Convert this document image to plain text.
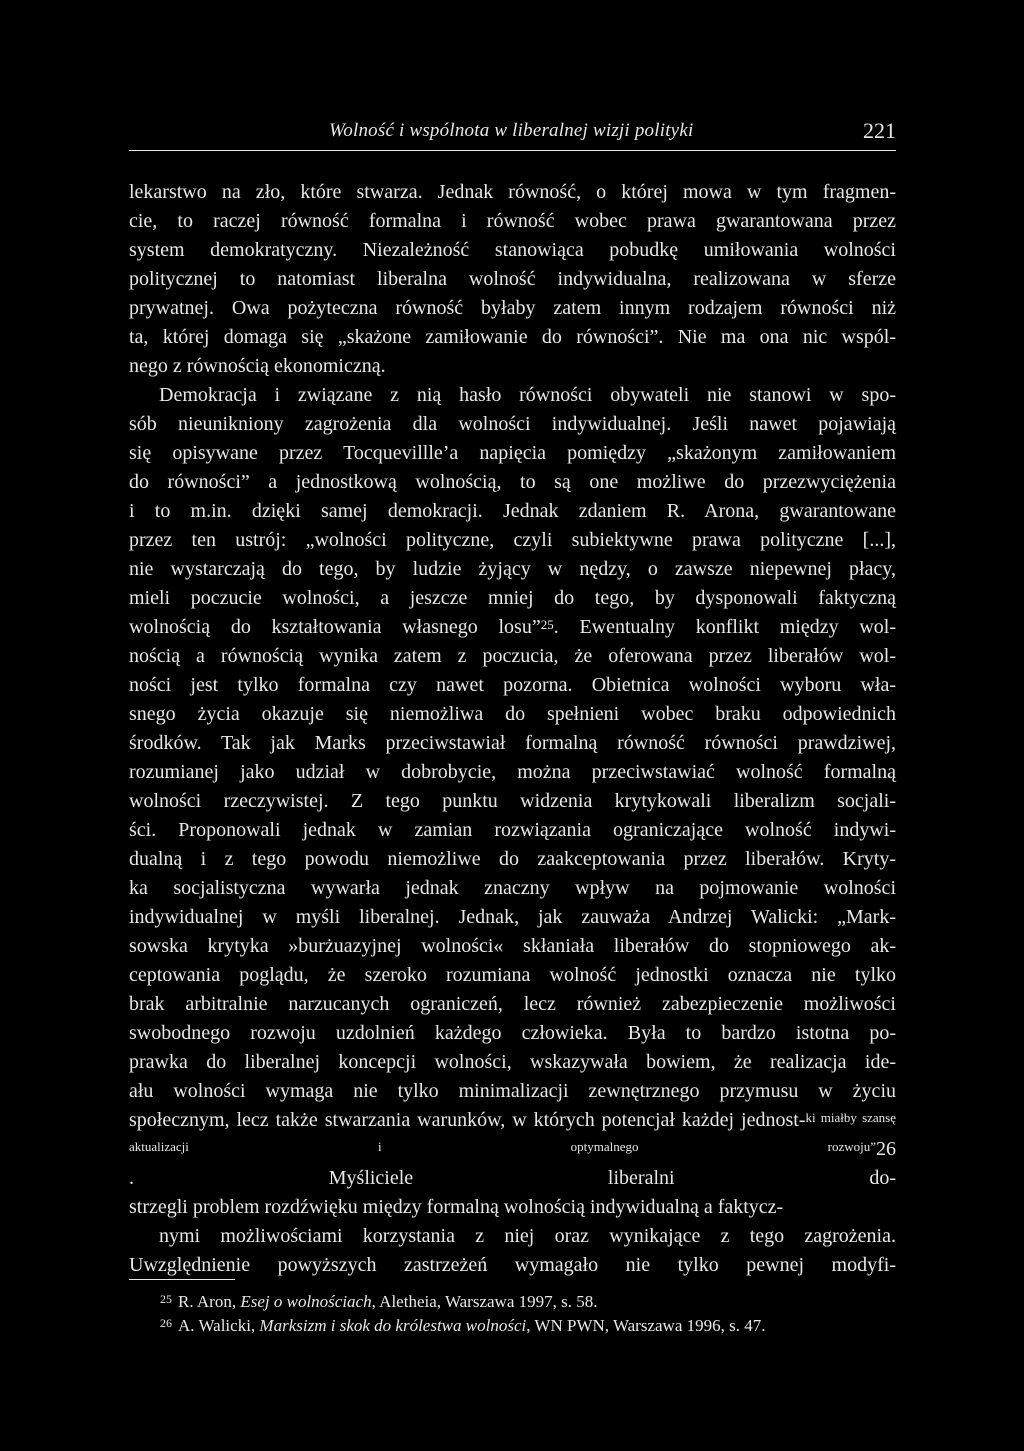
Wolność i wspólnota w liberalnej wizji polityki	221
lekarstwo na zło, które stwarza. Jednak równość, o której mowa w tym fragmen-
cie, to raczej równość formalna i równość wobec prawa gwarantowana przez
system demokratyczny. Niezależność stanowiąca pobudkę umiłowania wolności
politycznej to natomiast liberalna wolność indywidualna, realizowana w sferze
prywatnej. Owa pożyteczna równość byłaby zatem innym rodzajem równości niż
ta, której domaga się „skażone zamiłowanie do równości”. Nie ma ona nic wspól-
nego z równością ekonomiczną.
Demokracja i związane z nią hasło równości obywateli nie stanowi w spo-
sób nieunikniony zagrożenia dla wolności indywidualnej. Jeśli nawet pojawiają
się opisywane przez Tocquevillle’a napięcia pomiędzy „skażonym zamiłowaniem
do równości” a jednostkową wolnością, to są one możliwe do przezwyciężenia
i to m.in. dzięki samej demokracji. Jednak zdaniem R. Arona, gwarantowane
przez ten ustrój: „wolności polityczne, czyli subiektywne prawa polityczne [...],
nie wystarczają do tego, by ludzie żyjący w nędzy, o zawsze niepewnej płacy,
mieli poczucie wolności, a jeszcze mniej do tego, by dysponowali faktyczną
wolnością do kształtowania własnego losu”$^{25}$. Ewentualny konflikt między wol-
nością a równością wynika zatem z poczucia, że oferowana przez liberałów wol-
ności jest tylko formalna czy nawet pozorna. Obietnica wolności wyboru wła-
snego życia okazuje się niemożliwa do spełnieni wobec braku odpowiednich
środków. Tak jak Marks przeciwstawiał formalną równość równości prawdziwej,
rozumianej jako udział w dobrobycie, można przeciwstawiać wolność formalną
wolności rzeczywistej. Z tego punktu widzenia krytykowali liberalizm socjali-
ści. Proponowali jednak w zamian rozwiązania ograniczające wolność indywi-
dualną i z tego powodu niemożliwe do zaakceptowania przez liberałów. Kryty-
ka socjalistyczna wywarła jednak znaczny wpływ na pojmowanie wolności
indywidualnej w myśli liberalnej. Jednak, jak zauważa Andrzej Walicki: „Mark-
sowska krytyka »burżuazyjnej wolności« skłaniała liberałów do stopniowego ak-
ceptowania poglądu, że szeroko rozumiana wolność jednostki oznacza nie tylko
brak arbitralnie narzucanych ograniczeń, lecz również zabezpieczenie możliwości
swobodnego rozwoju uzdolnień każdego człowieka. Była to bardzo istotna po-
prawka do liberalnej koncepcji wolności, wskazywała bowiem, że realizacja ide-
ału wolności wymaga nie tylko minimalizacji zewnętrznego przymusu w życiu
społecznym, lecz także stwarzania warunków, w których potencjał każdej jednost-$^{ki miałby szansę aktualizacji i optymalnego rozwoju”}$26
. Myśliciele liberalni do-
strzegli problem rozdźwięku między formalną wolnością indywidualną a faktycz-
nymi możliwościami korzystania z niej oraz wynikające z tego zagrożenia.
Uwzględnienie powyższych zastrzeżeń wymagało nie tylko pewnej modyfi-
$^{25}$ R. Aron, Esej o wolnościach, Aletheia, Warszawa 1997, s. 58.
$^{26}$ A. Walicki, Marksizm i skok do królestwa wolności, WN PWN, Warszawa 1996, s. 47.
